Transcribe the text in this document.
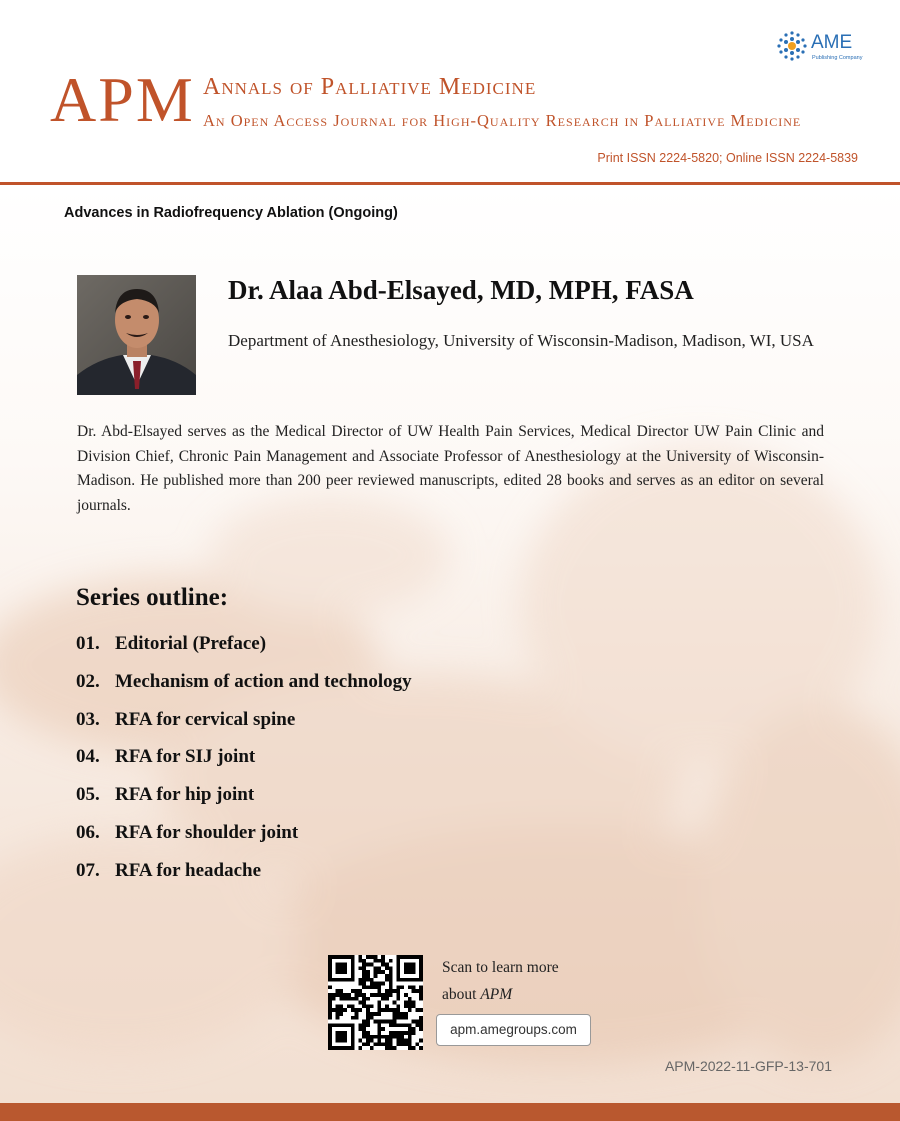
APM Annals of Palliative Medicine
An Open Access Journal for High-Quality Research in Palliative Medicine
Print ISSN 2224-5820; Online ISSN 2224-5839
AME
Publishing Company
Advances in Radiofrequency Ablation (Ongoing)
Dr. Alaa Abd-Elsayed, MD, MPH, FASA
Department of Anesthesiology, University of Wisconsin-Madison, Madison, WI, USA
Dr. Abd-Elsayed serves as the Medical Director of UW Health Pain Services, Medical Director UW Pain Clinic and Division Chief, Chronic Pain Management and Associate Professor of Anesthesiology at the University of Wisconsin-Madison. He published more than 200 peer reviewed manuscripts, edited 28 books and serves as an editor on several journals.
Series outline:
01. Editorial (Preface)
02. Mechanism of action and technology
03. RFA for cervical spine
04. RFA for SIJ joint
05. RFA for hip joint
06. RFA for shoulder joint
07. RFA for headache
Scan to learn more
about APM
apm.amegroups.com
APM-2022-11-GFP-13-701
